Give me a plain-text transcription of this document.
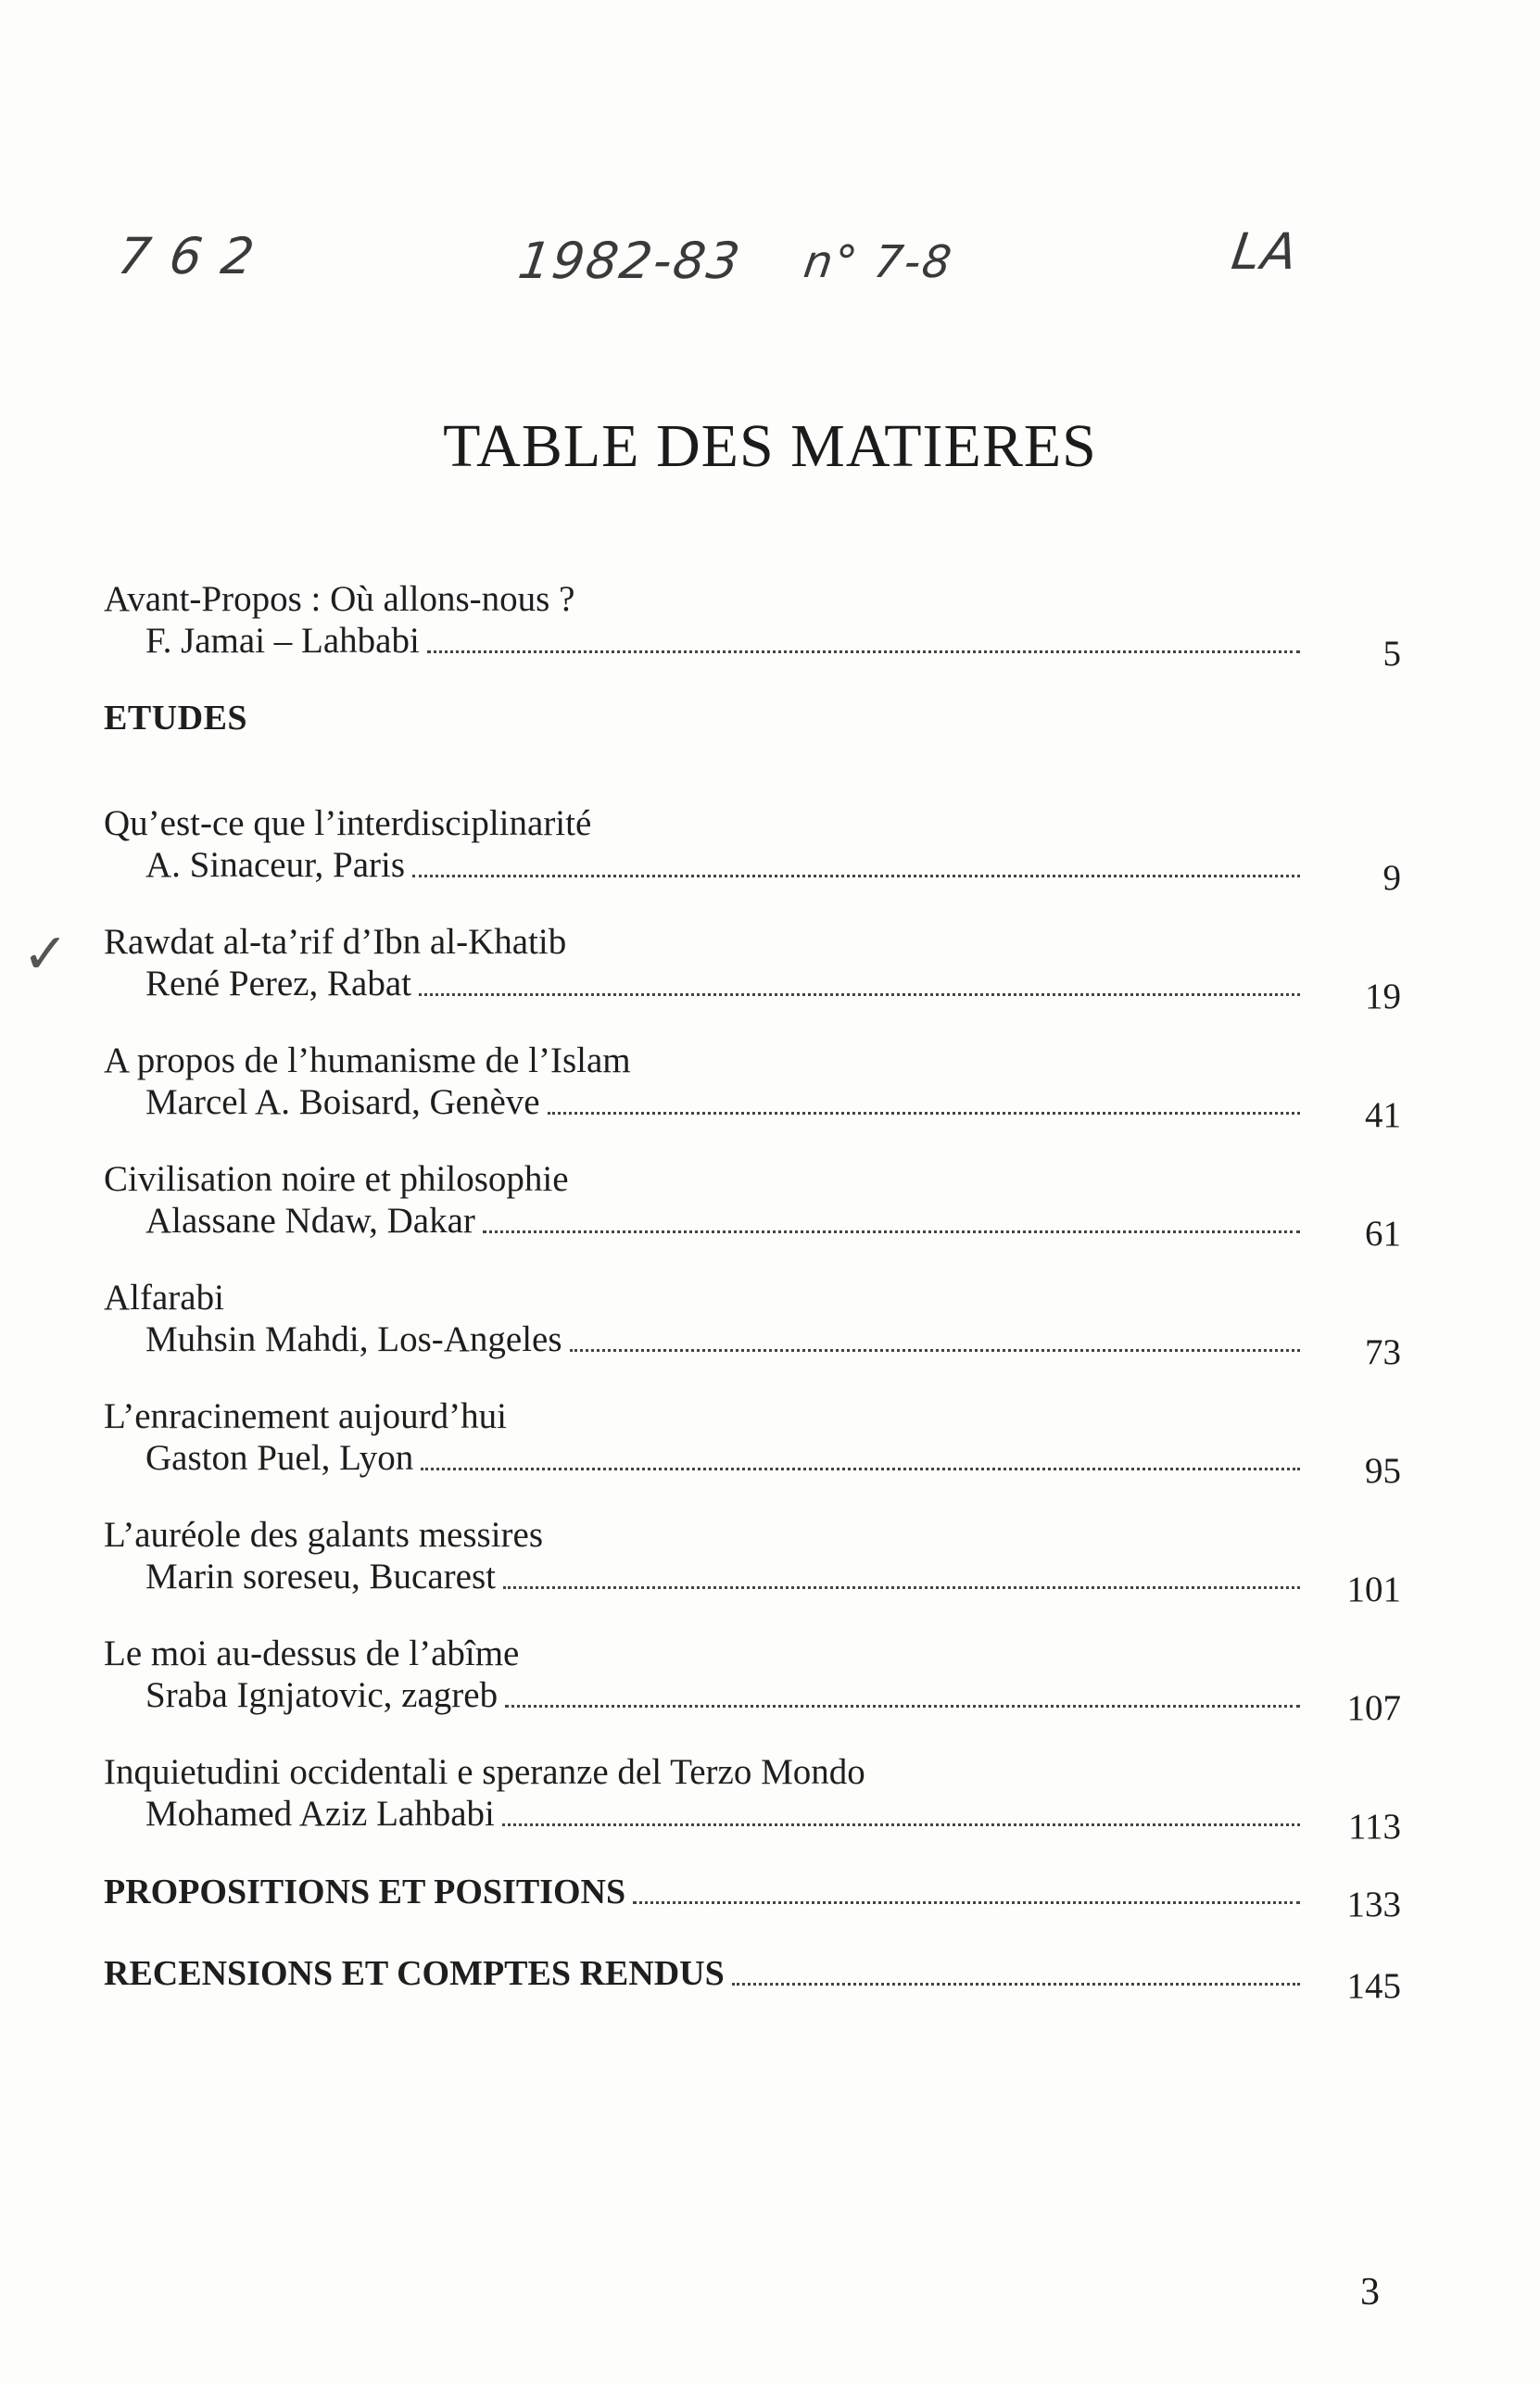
7 6 2	1982-83 n° 7-8	LA
TABLE DES MATIERES
Avant-Propos : Où allons-nous ?
F. Jamai – Lahbabi	5
ETUDES
Qu’est-ce que l’interdisciplinarité
A. Sinaceur, Paris	9
✓ Rawdat al-ta’rif d’Ibn al-Khatib
René Perez, Rabat	19
A propos de l’humanisme de l’Islam
Marcel A. Boisard, Genève	41
Civilisation noire et philosophie
Alassane Ndaw, Dakar	61
Alfarabi
Muhsin Mahdi, Los-Angeles	73
L’enracinement aujourd’hui
Gaston Puel, Lyon	95
L’auréole des galants messires
Marin soreseu, Bucarest	101
Le moi au-dessus de l’abîme
Sraba Ignjatovic, zagreb	107
Inquietudini occidentali e speranze del Terzo Mondo
Mohamed Aziz Lahbabi	113
PROPOSITIONS ET POSITIONS	133
RECENSIONS ET COMPTES RENDUS	145
3
